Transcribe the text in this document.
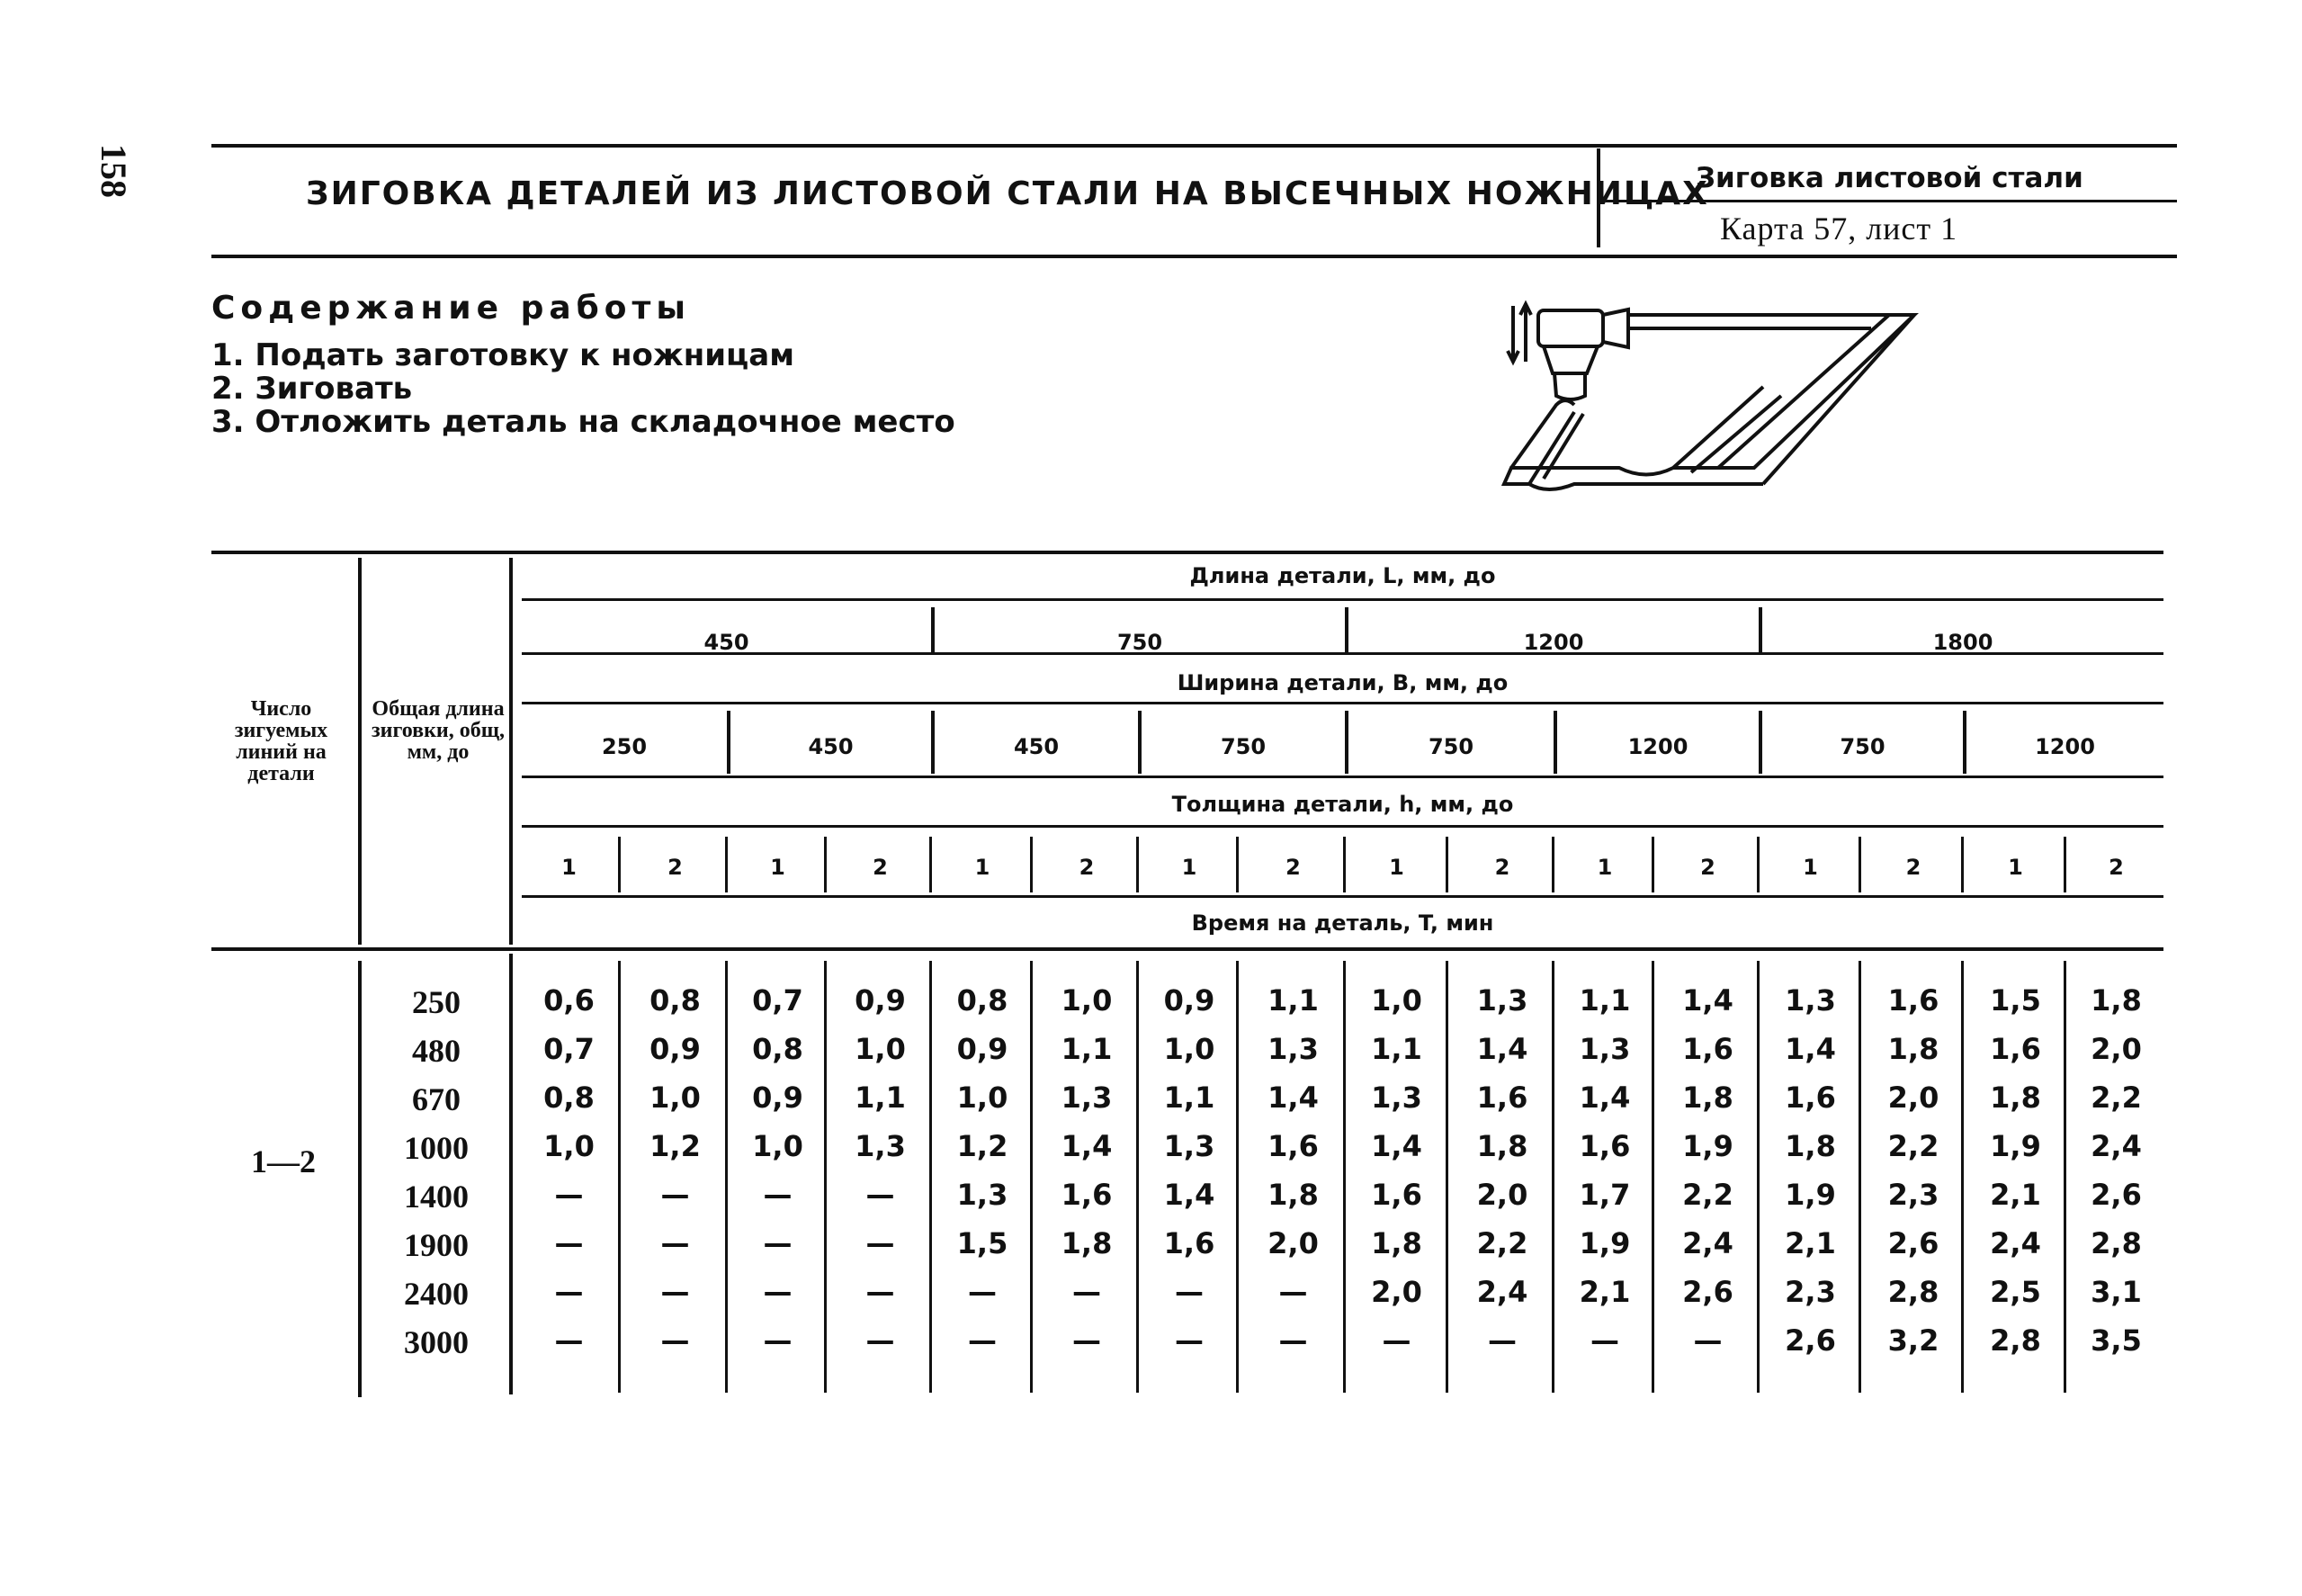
158	ЗИГОВКА ДЕТАЛЕЙ ИЗ ЛИСТОВОЙ СТАЛИ НА ВЫСЕЧНЫХ НОЖНИЦАХ
Зиговка листовой стали
Карта 57, лист 1
Содержание работы
1. Подать заготовку к ножницам
2. Зиговать
3. Отложить деталь на складочное место
Число зигуемых линий на детали
Общая длина зиговки, общ, мм, до
Длина детали, L, мм, до
450	750	1200	1800
Ширина детали, В, мм, до
250	450	450	750	750	1200	750	1200
Толщина детали, h, мм, до
1	2	1	2	1	2	1	2	1	2	1	2	1	2	1	2
Время на деталь, T, мин
1—2
250	0,6	0,8	0,7	0,9	0,8	1,0	0,9	1,1	1,0	1,3	1,1	1,4	1,3	1,6	1,5	1,8
480	0,7	0,9	0,8	1,0	0,9	1,1	1,0	1,3	1,1	1,4	1,3	1,6	1,4	1,8	1,6	2,0
670	0,8	1,0	0,9	1,1	1,0	1,3	1,1	1,4	1,3	1,6	1,4	1,8	1,6	2,0	1,8	2,2
1000	1,0	1,2	1,0	1,3	1,2	1,4	1,3	1,6	1,4	1,8	1,6	1,9	1,8	2,2	1,9	2,4
1400	—	—	—	—	1,3	1,6	1,4	1,8	1,6	2,0	1,7	2,2	1,9	2,3	2,1	2,6
1900	—	—	—	—	1,5	1,8	1,6	2,0	1,8	2,2	1,9	2,4	2,1	2,6	2,4	2,8
2400	—	—	—	—	—	—	—	—	2,0	2,4	2,1	2,6	2,3	2,8	2,5	3,1
3000	—	—	—	—	—	—	—	—	—	—	—	—	2,6	3,2	2,8	3,5
